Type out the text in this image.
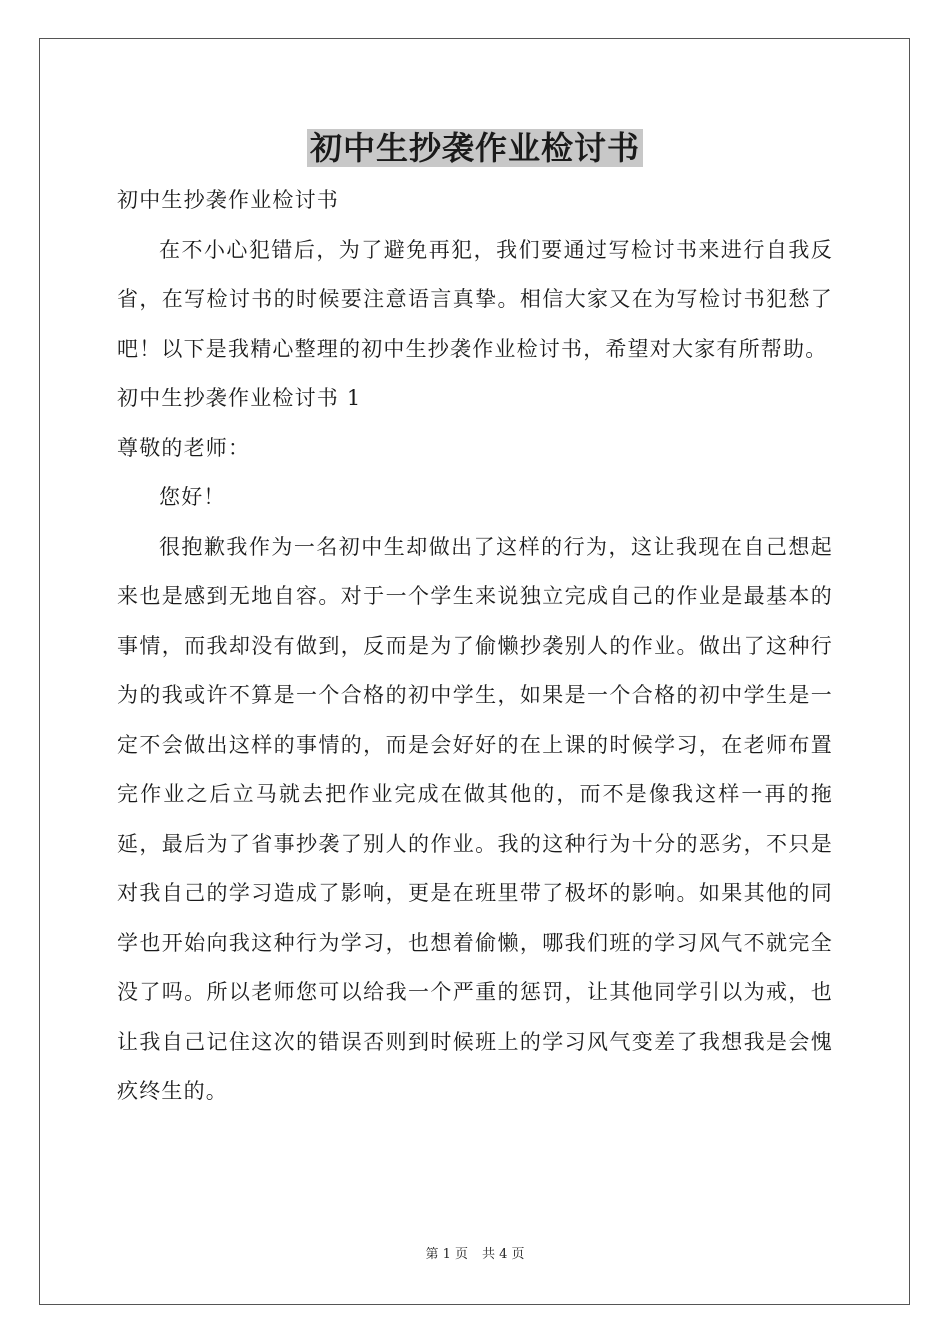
初中生抄袭作业检讨书

初中生抄袭作业检讨书

在不小心犯错后，为了避免再犯，我们要通过写检讨书来进行自我反省，在写检讨书的时候要注意语言真挚。相信大家又在为写检讨书犯愁了吧！以下是我精心整理的初中生抄袭作业检讨书，希望对大家有所帮助。

初中生抄袭作业检讨书 1

尊敬的老师：

您好！

很抱歉我作为一名初中生却做出了这样的行为，这让我现在自己想起来也是感到无地自容。对于一个学生来说独立完成自己的作业是最基本的事情，而我却没有做到，反而是为了偷懒抄袭别人的作业。做出了这种行为的我或许不算是一个合格的初中学生，如果是一个合格的初中学生是一定不会做出这样的事情的，而是会好好的在上课的时候学习，在老师布置完作业之后立马就去把作业完成在做其他的，而不是像我这样一再的拖延，最后为了省事抄袭了别人的作业。我的这种行为十分的恶劣，不只是对我自己的学习造成了影响，更是在班里带了极坏的影响。如果其他的同学也开始向我这种行为学习，也想着偷懒，哪我们班的学习风气不就完全没了吗。所以老师您可以给我一个严重的惩罚，让其他同学引以为戒，也让我自己记住这次的错误否则到时候班上的学习风气变差了我想我是会愧疚终生的。

第 1 页 共 4 页
